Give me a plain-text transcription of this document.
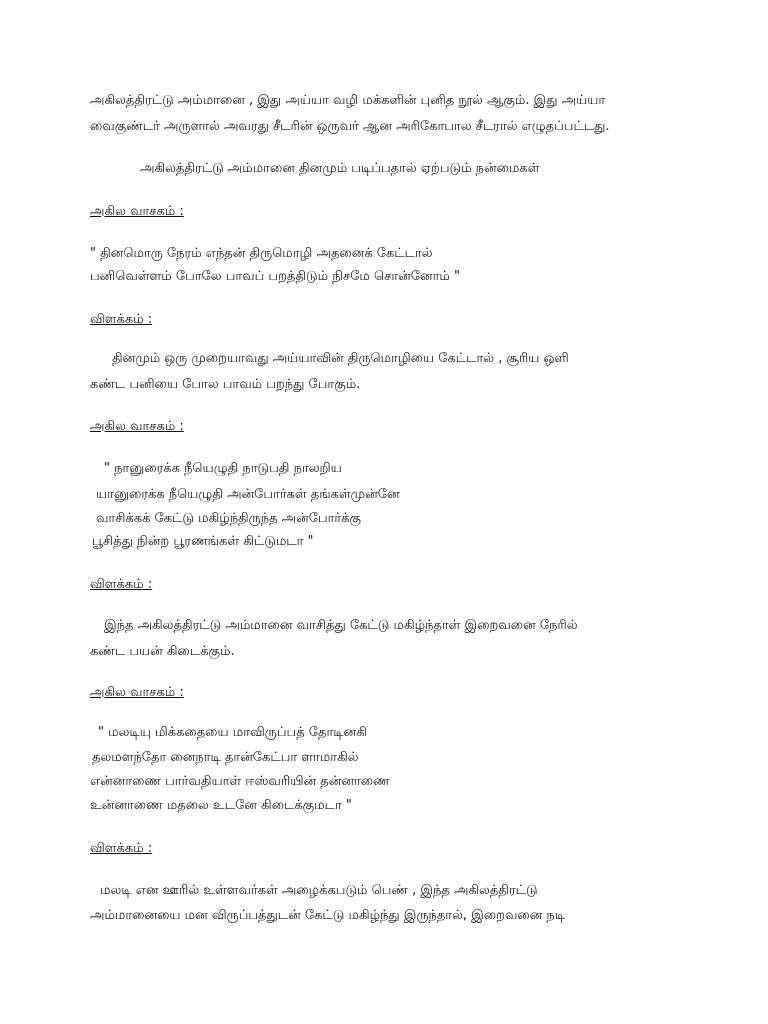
அகிலத்திரட்டு அம்மானை , இது அய்யா வழி மக்களின் புனித நூல் ஆகும். இது அய்யா
வைகுண்டர் அருளால் அவரது சீடரின் ஒருவர் ஆன அரிகோபால சீடரால் எழுதப்பட்டது.
அகிலத்திரட்டு அம்மானை தினமும் படிப்பதால் ஏற்படும் நன்மைகள்
அகில வாசகம் :
" தினமொரு நேரம் எந்தன் திருமொழி அதனைக் கேட்டால்
பனிவெள்ளம் போலே பாவப் பறத்திடும் நிசமே சொன்னோம் "
விளக்கம் :
தினமும் ஒரு முறையாவது அய்யாவின் திருமொழியை கேட்டால் , சூரிய ஒளி
கண்ட பனியை போல பாவம் பறந்து போகும்.
அகில வாசகம் :
" நானுரைக்க நீயெழுதி நாடுபதி நாலறிய
யானுரைக்க நீயெழுதி அன்போர்கள் தங்கள்முன்னே
வாசிக்கக் கேட்டு மகிழ்ந்திருந்த அன்போர்க்கு
பூசித்து நின்ற பூரணங்கள் கிட்டுமடா "
விளக்கம் :
இந்த அகிலத்திரட்டு அம்மானை வாசித்து கேட்டு மகிழ்ந்தாள் இறைவனை நேரில்
கண்ட பயன் கிடைக்கும்.
அகில வாசகம் :
" மலடியு மிக்கதையை மாவிருப்பத் தோடினகி
தலமளந்தோ னைநாடி தான்கேட்பா ளாமாகில்
என்னாணை பார்வதியாள் ஈஸ்வரியின் தன்னாணை
உன்னாணை மதலை உடனே கிடைக்குமடா "
விளக்கம் :
மலடி என ஊரில் உள்ளவர்கள் அழைக்கபடும் பெண் , இந்த அகிலத்திரட்டு
அம்மானையை மன விருப்பத்துடன் கேட்டு மகிழ்ந்து இருந்தால், இறைவனை நடி
